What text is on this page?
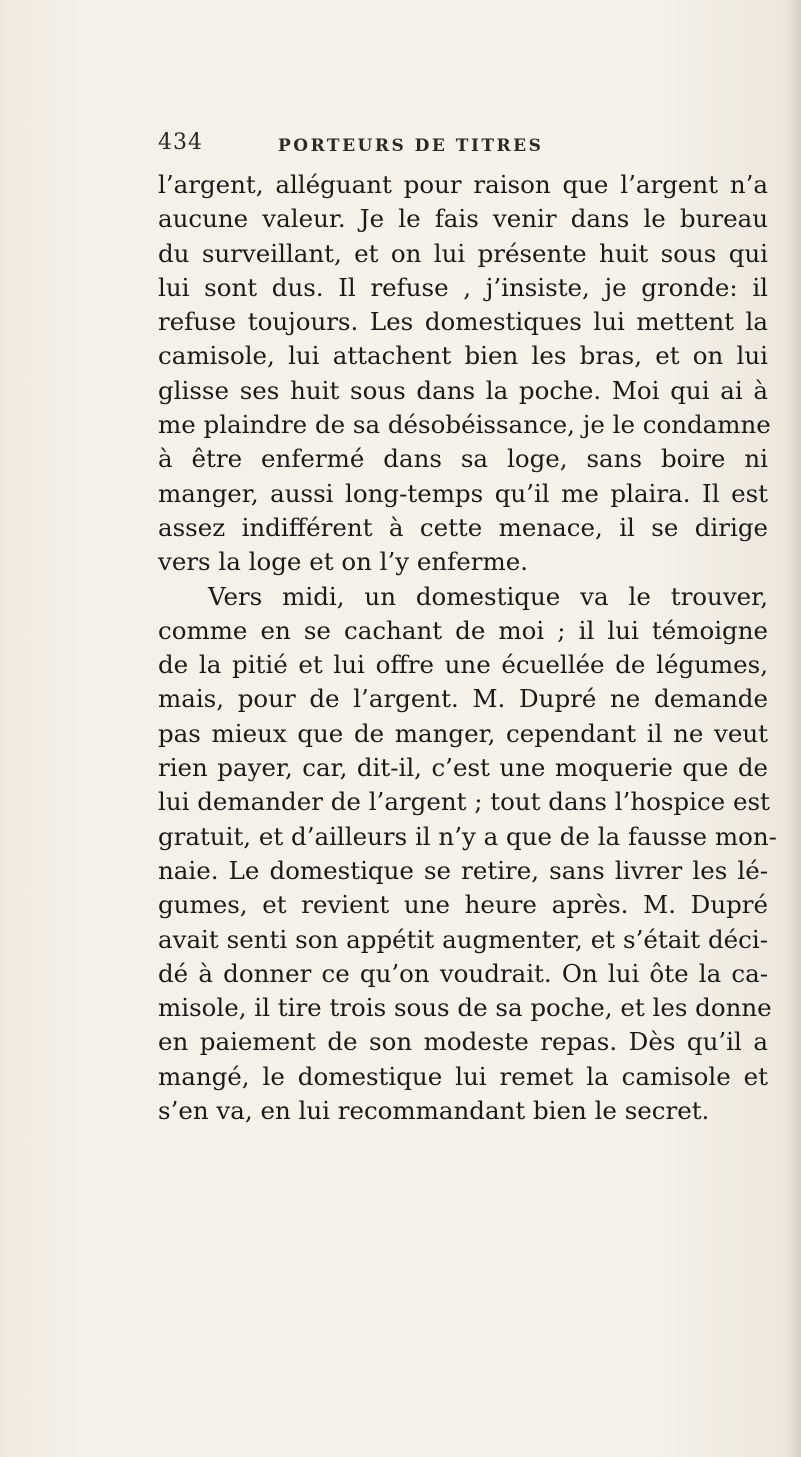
434	PORTEURS DE TITRES
l’argent, alléguant pour raison que l’argent n’a
aucune valeur. Je le fais venir dans le bureau
du surveillant, et on lui présente huit sous qui
lui sont dus. Il refuse , j’insiste, je gronde: il
refuse toujours. Les domestiques lui mettent la
camisole, lui attachent bien les bras, et on lui
glisse ses huit sous dans la poche. Moi qui ai à
me plaindre de sa désobéissance, je le condamne
à être enfermé dans sa loge, sans boire ni
manger, aussi long-temps qu’il me plaira. Il est
assez indifférent à cette menace, il se dirige
vers la loge et on l’y enferme.
Vers midi, un domestique va le trouver,
comme en se cachant de moi ; il lui témoigne
de la pitié et lui offre une écuellée de légumes,
mais, pour de l’argent. M. Dupré ne demande
pas mieux que de manger, cependant il ne veut
rien payer, car, dit-il, c’est une moquerie que de
lui demander de l’argent ; tout dans l’hospice est
gratuit, et d’ailleurs il n’y a que de la fausse mon-
naie. Le domestique se retire, sans livrer les lé-
gumes, et revient une heure après. M. Dupré
avait senti son appétit augmenter, et s’était déci-
dé à donner ce qu’on voudrait. On lui ôte la ca-
misole, il tire trois sous de sa poche, et les donne
en paiement de son modeste repas. Dès qu’il a
mangé, le domestique lui remet la camisole et
s’en va, en lui recommandant bien le secret.
